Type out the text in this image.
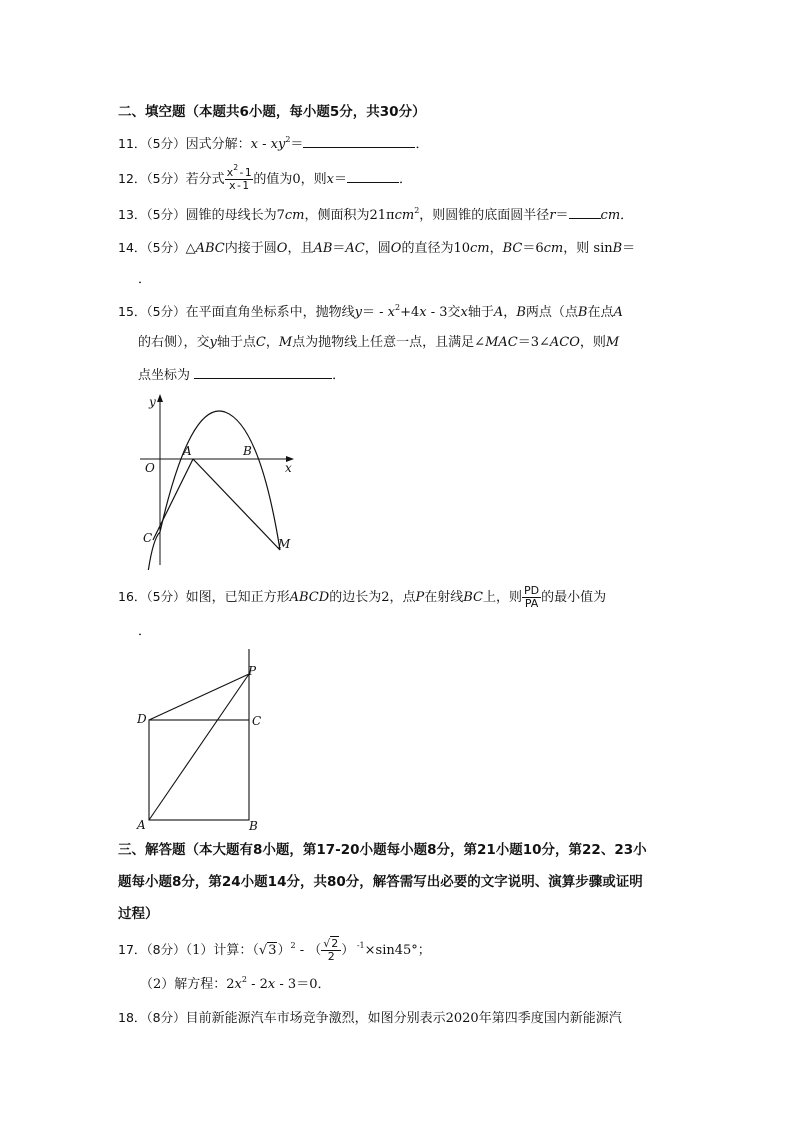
二、填空题（本题共6小题，每小题5分，共30分）
11．（5分）因式分解：$x - xy^2=$	．
12．（5分）若分式 $\frac{x^2-1}{x-1}$ 的值为0，则x＝	．
13．（5分）圆锥的母线长为7cm，侧面积为21πcm$^2$，则圆锥的底面圆半径r＝ cm．
14．（5分）△ABC内接于圆O，且AB＝AC，圆O的直径为10cm，BC＝6cm，则 sinB＝
．
15．（5分）在平面直角坐标系中，抛物线$y= - x^2+4x - 3$交x轴于A，B两点（点B在点A
的右侧），交y轴于点C，M点为抛物线上任意一点，且满足∠MAC＝3∠ACO，则M
点坐标为	．
y
x
O
A	B
C	M
16．（5分）如图，已知正方形ABCD的边长为2，点P在射线BC上，则 $\frac{PD}{PA}$ 的最小值为
．
P
D	C
A	B
三、解答题（本大题有8小题，第17-20小题每小题8分，第21小题10分，第22、23小
题每小题8分，第24小题14分，共80分，解答需写出必要的文字说明、演算步骤或证明
过程）
17．（8分）（1）计算：$(√3)^2$ - （ $\frac{√2}{2}$ ） $^{-1}$×sin45°；
（2）解方程：$2x^2 - 2x - 3=0$．
18．（8分）目前新能源汽车市场竞争激烈，如图分别表示2020年第四季度国内新能源汽
